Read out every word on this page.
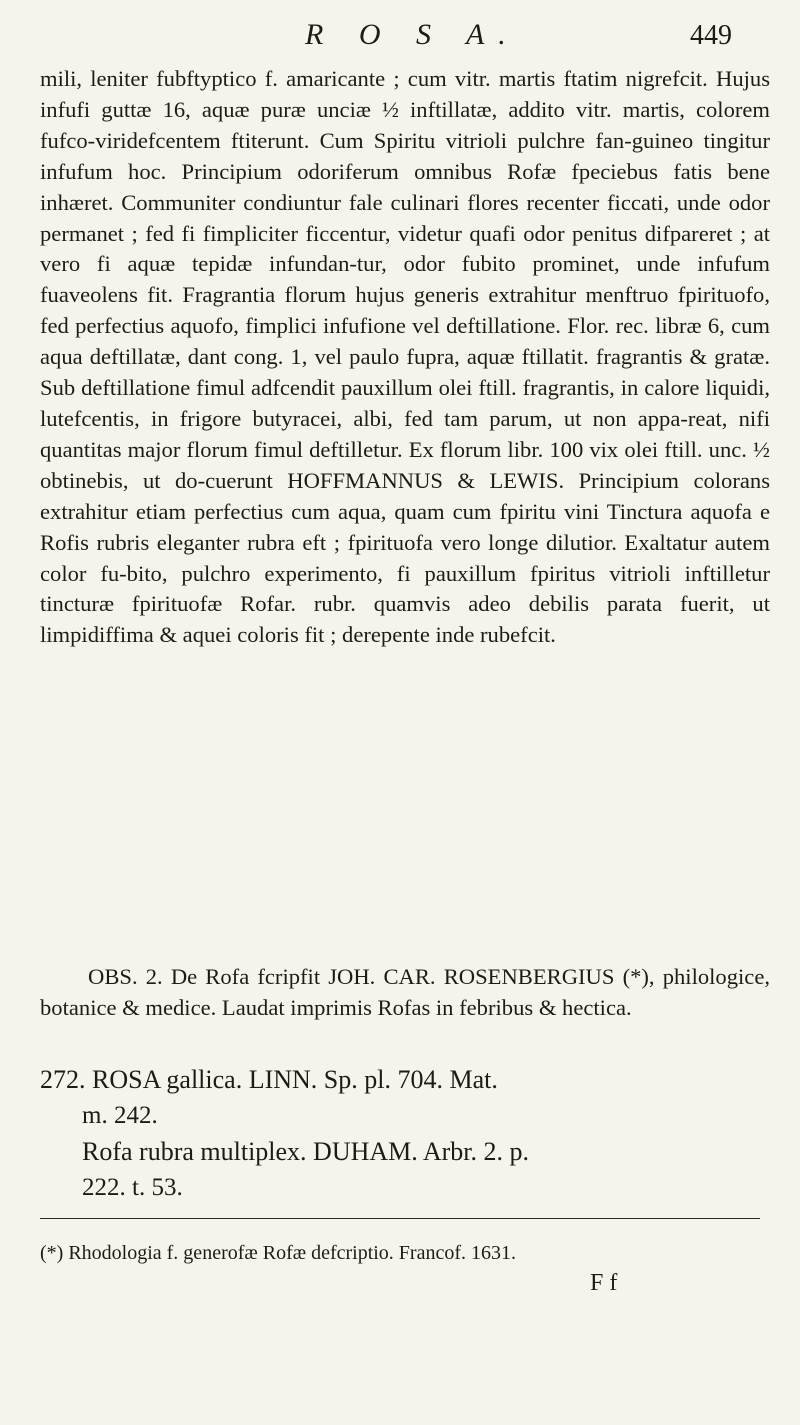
R O S A.	449

mili, leniter fubftyptico f. amaricante ; cum vitr. martis ftatim nigrefcit. Hujus infufi guttæ 16, aquæ puræ unciæ ½ inftillatæ, addito vitr. martis, colorem fufco-viridefcentem ftiterunt. Cum Spiritu vitrioli pulchre fan-guineo tingitur infufum hoc. Principium odoriferum omnibus Rofæ fpeciebus fatis bene inhæret. Communiter condiuntur fale culinari flores recenter ficcati, unde odor permanet ; fed fi fimpliciter ficcentur, videtur quafi odor penitus difpareret ; at vero fi aquæ tepidæ infundan-tur, odor fubito prominet, unde infufum fuaveolens fit. Fragrantia florum hujus generis extrahitur menftruo fpirituofo, fed perfectius aquofo, fimplici infufione vel deftillatione. Flor. rec. libræ 6, cum aqua deftillatæ, dant cong. 1, vel paulo fupra, aquæ ftillatit. fragrantis & gratæ. Sub deftillatione fimul adfcendit pauxillum olei ftill. fragrantis, in calore liquidi, lutefcentis, in frigore butyracei, albi, fed tam parum, ut non appa-reat, nifi quantitas major florum fimul deftilletur. Ex florum libr. 100 vix olei ftill. unc. ½ obtinebis, ut do-cuerunt HOFFMANNUS & LEWIS. Principium colorans extrahitur etiam perfectius cum aqua, quam cum fpiritu vini Tinctura aquofa e Rofis rubris eleganter rubra eft ; fpirituofa vero longe dilutior. Exaltatur autem color fu-bito, pulchro experimento, fi pauxillum fpiritus vitrioli inftilletur tincturæ fpirituofæ Rofar. rubr. quamvis adeo debilis parata fuerit, ut limpidiffima & aquei coloris fit ; derepente inde rubefcit.

OBS. 2. De Rofa fcripfit JOH. CAR. ROSENBERGIUS (*), philologice, botanice & medice. Laudat imprimis Rofas in febribus & hectica.

272. ROSA gallica. LINN. Sp. pl. 704. Mat.
m. 242.
Rofa rubra multiplex. DUHAM. Arbr. 2. p.
222. t. 53.
(*) Rhodologia f. generofæ Rofæ defcriptio. Francof. 1631.
F f
